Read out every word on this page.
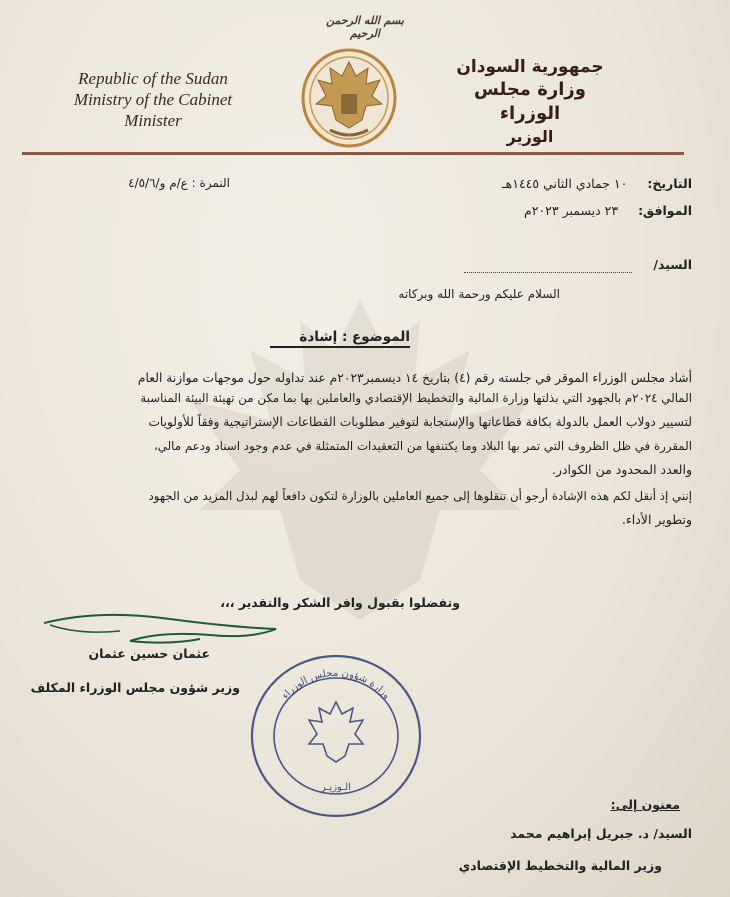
بسم الله الرحمن الرحيم
Republic of the Sudan
Ministry of the Cabinet
Minister
جمهورية السودان
وزارة مجلس الوزراء
الوزير
النمرة : ع/م و/٤/٥/٦	التاريخ: ١٠ جمادي الثاني ١٤٤٥هـ
الموافق: ٢٣ ديسمبر ٢٠٢٣م
السيد/
السلام عليكم ورحمة الله وبركاته
الموضوع : إشادة
أشاد مجلس الوزراء الموقر في جلسته رقم (٤) بتاريخ ١٤ ديسمبر٢٠٢٣م عند تداوله حول موجهات موازنة العام
المالي ٢٠٢٤م بالجهود التي بذلتها وزارة المالية والتخطيط الإقتصادي والعاملين بها بما مكن من تهيئة البيئة المناسبة
لتسيير دولاب العمل بالدولة بكافة قطاعاتها والإستجابة لتوفير مطلوبات القطاعات الإستراتيجية وفقاً للأولويات
المقررة في ظل الظروف التي تمر بها البلاد وما يكتنفها من التعقيدات المتمثلة في عدم وجود اسناد ودعم مالي،
والعدد المحدود من الكوادر.
إنني إذ أنقل لكم هذه الإشادة أرجو أن تنقلوها إلى جميع العاملين بالوزارة لتكون دافعاً لهم لبذل المزيد من الجهود
وتطوير الأداء.
وتفضلوا بقبول وافر الشكر والتقدير ،،،
عثمان حسين عثمان
وزير شؤون مجلس الوزراء المكلف
وزارة شؤون مجلس الوزراء
الـوزيـر
معنون إلى:
السيد/ د. جبريل إبراهيم محمد
وزير المالية والتخطيط الإقتصادي
